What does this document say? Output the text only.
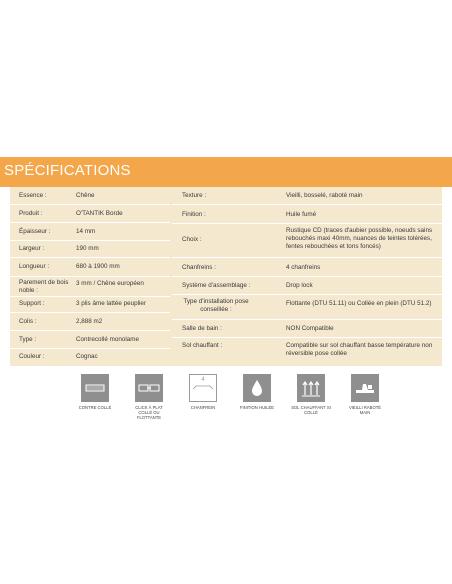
SPÉCIFICATIONS
Essence :	Chêne
Produit :	O'TANTIK Borde
Épaisseur :	14 mm
Largeur :	190 mm
Longueur :	680 à 1900 mm
Parement de bois noble :
3 mm / Chêne européen
Support :	3 plis âme lattée peuplier
Colis :	2,888 m2
Type :	Contrecollé monolame
Couleur :	Cognac
Texture :	Vieilli, bosselé, raboté main
Finition :	Huile fumé
Choix :
Rustique CD (traces d'aubier possible, noeuds sains rebouchés maxi 40mm, nuances de teintes tolérées, fentes rebouchées et tons foncés)
Chanfreins :	4 chanfreins
Système d'assemblage :	Drop lock
Type d'installation pose conseillée :
Flottante (DTU 51.11) ou Collée en plein (DTU 51.2)
Salle de bain :	NON Compatible
Sol chauffant :	Compatible sur sol chauffant basse température non réversible pose collée
CONTRE COLLÉ	CLICK À PLAT COLLÉ OU FLOTTANTE
4
CHANFREIN	FINITION HUILÉE	SOL CHAUFFANT SI COLLÉ
VIEILLI RABOTÉ MAIN
